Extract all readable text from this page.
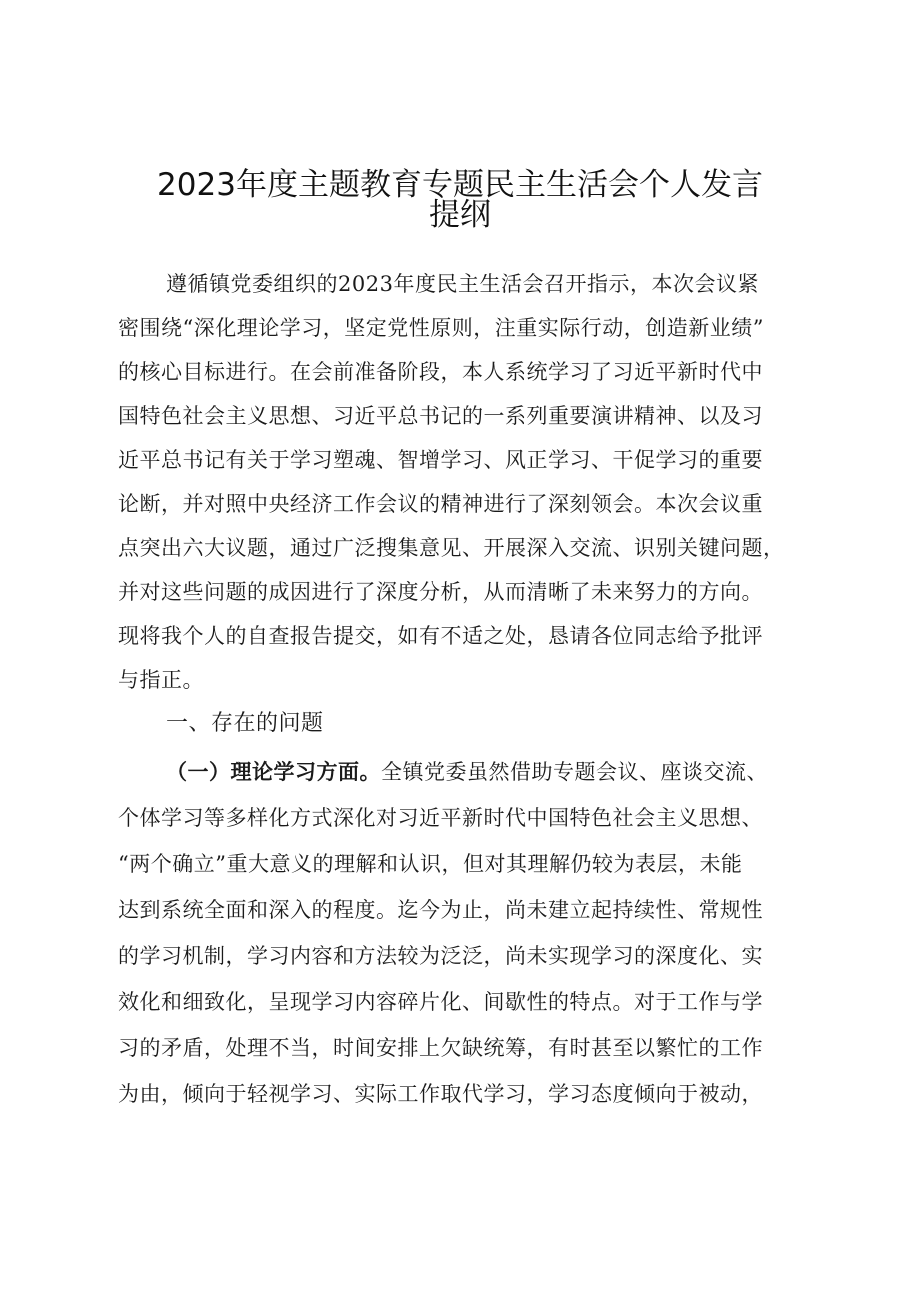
2023年度主题教育专题民主生活会个人发言
提纲
遵循镇党委组织的2023年度民主生活会召开指示，本次会议紧
密围绕“深化理论学习，坚定党性原则，注重实际行动，创造新业绩”
的核心目标进行。在会前准备阶段，本人系统学习了习近平新时代中
国特色社会主义思想、习近平总书记的一系列重要演讲精神、以及习
近平总书记有关于学习塑魂、智增学习、风正学习、干促学习的重要
论断，并对照中央经济工作会议的精神进行了深刻领会。本次会议重
点突出六大议题，通过广泛搜集意见、开展深入交流、识别关键问题，
并对这些问题的成因进行了深度分析，从而清晰了未来努力的方向。
现将我个人的自查报告提交，如有不适之处，恳请各位同志给予批评
与指正。
一、存在的问题
（一）理论学习方面。全镇党委虽然借助专题会议、座谈交流、
个体学习等多样化方式深化对习近平新时代中国特色社会主义思想、
“两个确立”重大意义的理解和认识，但对其理解仍较为表层，未能
达到系统全面和深入的程度。迄今为止，尚未建立起持续性、常规性
的学习机制，学习内容和方法较为泛泛，尚未实现学习的深度化、实
效化和细致化，呈现学习内容碎片化、间歇性的特点。对于工作与学
习的矛盾，处理不当，时间安排上欠缺统筹，有时甚至以繁忙的工作
为由，倾向于轻视学习、实际工作取代学习，学习态度倾向于被动，
